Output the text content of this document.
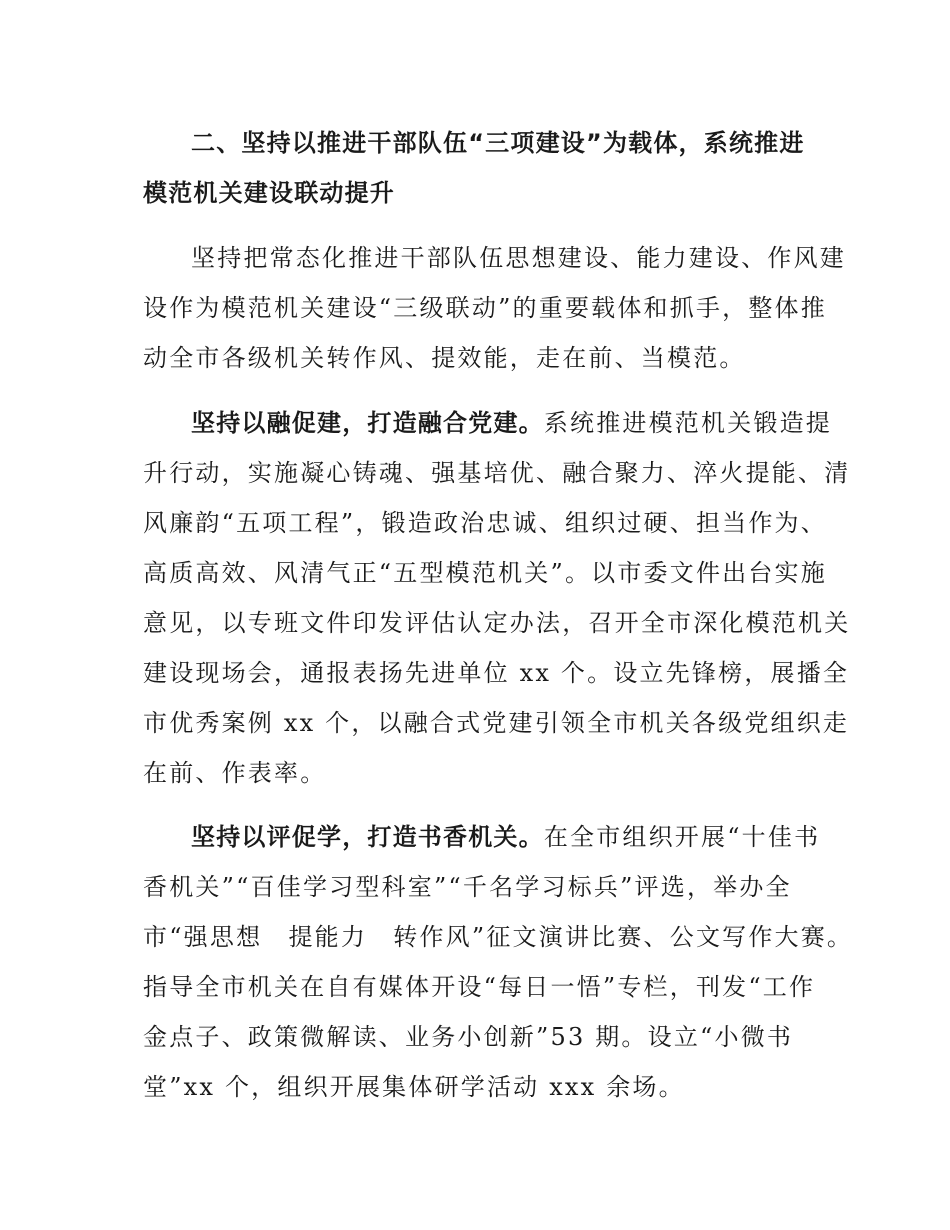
二、坚持以推进干部队伍“三项建设”为载体，系统推进
模范机关建设联动提升
坚持把常态化推进干部队伍思想建设、能力建设、作风建
设作为模范机关建设“三级联动”的重要载体和抓手，整体推
动全市各级机关转作风、提效能，走在前、当模范。
坚持以融促建，打造融合党建。系统推进模范机关锻造提
升行动，实施凝心铸魂、强基培优、融合聚力、淬火提能、清
风廉韵“五项工程”，锻造政治忠诚、组织过硬、担当作为、
高质高效、风清气正“五型模范机关”。以市委文件出台实施
意见，以专班文件印发评估认定办法，召开全市深化模范机关
建设现场会，通报表扬先进单位 xx 个。设立先锋榜，展播全
市优秀案例 xx 个，以融合式党建引领全市机关各级党组织走
在前、作表率。
坚持以评促学，打造书香机关。在全市组织开展“十佳书
香机关”“百佳学习型科室”“千名学习标兵”评选，举办全
市“强思想　提能力　转作风”征文演讲比赛、公文写作大赛。
指导全市机关在自有媒体开设“每日一悟”专栏，刊发“工作
金点子、政策微解读、业务小创新”53 期。设立“小微书
堂”xx 个，组织开展集体研学活动 xxx 余场。
